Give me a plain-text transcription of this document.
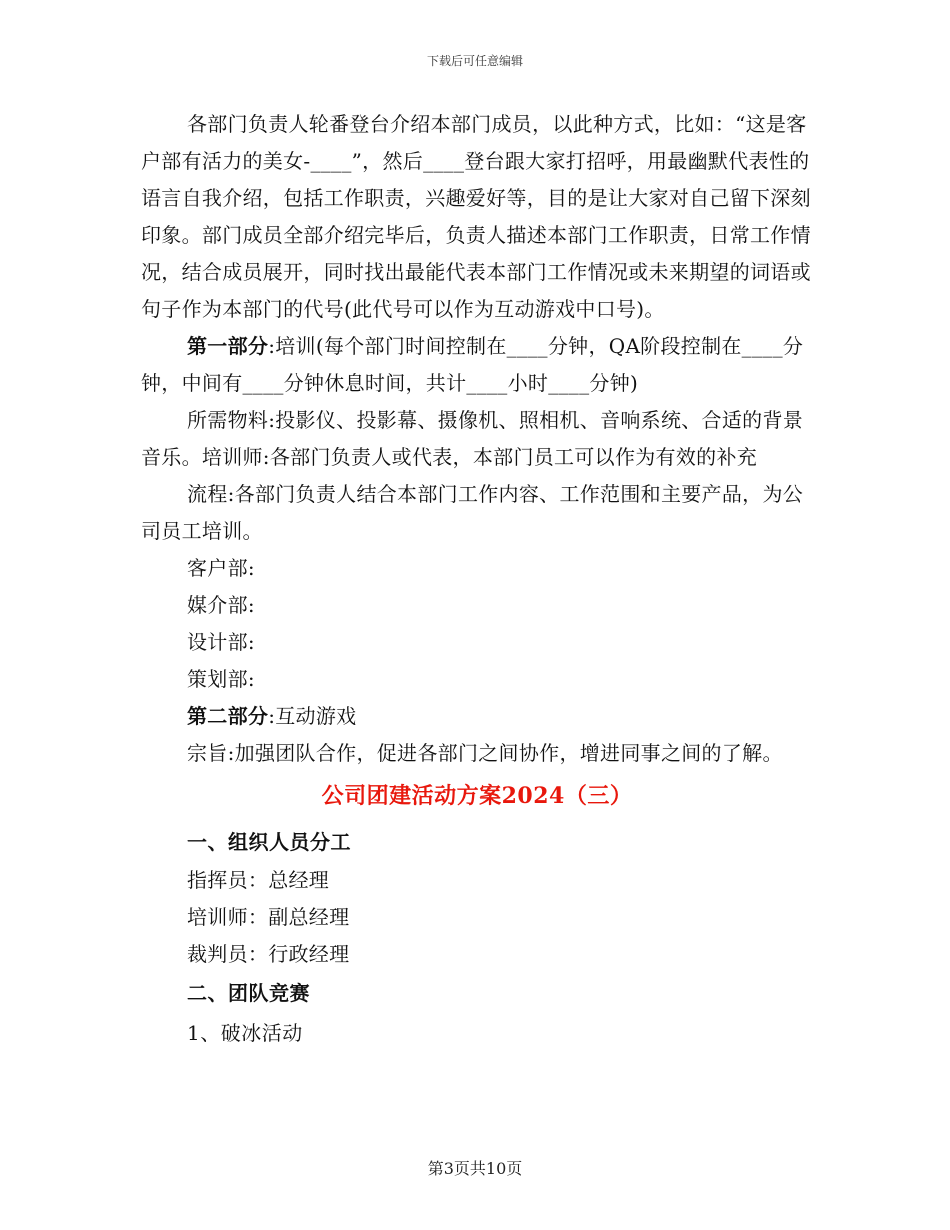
下载后可任意编辑

各部门负责人轮番登台介绍本部门成员，以此种方式，比如：“这是客户部有活力的美女-____”，然后____登台跟大家打招呼，用最幽默代表性的语言自我介绍，包括工作职责，兴趣爱好等，目的是让大家对自己留下深刻印象。部门成员全部介绍完毕后，负责人描述本部门工作职责，日常工作情况，结合成员展开，同时找出最能代表本部门工作情况或未来期望的词语或句子作为本部门的代号(此代号可以作为互动游戏中口号)。

第一部分:培训(每个部门时间控制在____分钟，QA阶段控制在____分钟，中间有____分钟休息时间，共计____小时____分钟)

所需物料:投影仪、投影幕、摄像机、照相机、音响系统、合适的背景音乐。培训师:各部门负责人或代表，本部门员工可以作为有效的补充

流程:各部门负责人结合本部门工作内容、工作范围和主要产品，为公司员工培训。

客户部:

媒介部:

设计部:

策划部:

第二部分:互动游戏

宗旨:加强团队合作，促进各部门之间协作，增进同事之间的了解。

公司团建活动方案2024（三）
一、组织人员分工

指挥员：总经理

培训师：副总经理

裁判员：行政经理

二、团队竞赛
1、破冰活动
第3页共10页
